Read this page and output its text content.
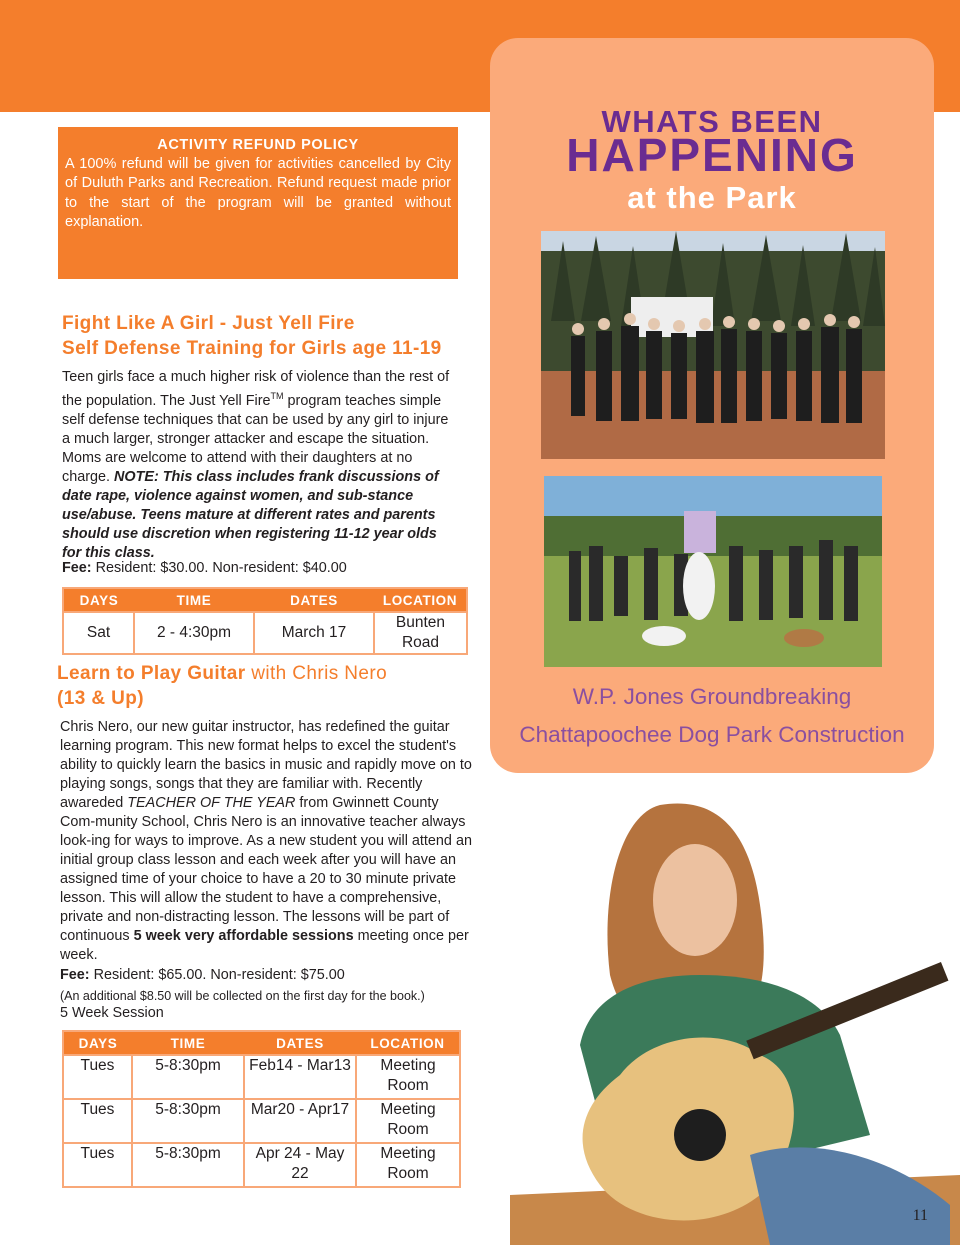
ACTIVITY REFUND POLICY
A 100% refund will be given for activities cancelled by City of Duluth Parks and Recreation. Refund request made prior to the start of the program will be granted without explanation.
Fight Like A Girl - Just Yell Fire
Self Defense Training for Girls age 11-19
Teen girls face a much higher risk of violence than the rest of the population. The Just Yell Fire™ program teaches simple self defense techniques that can be used by any girl to injure a much larger, stronger attacker and escape the situation. Moms are welcome to attend with their daughters at no charge. NOTE: This class includes frank discussions of date rape, violence against women, and sub-stance use/abuse. Teens mature at different rates and parents should use discretion when registering 11-12 year olds for this class.
Fee: Resident: $30.00. Non-resident: $40.00
DAYS	TIME	DATES	LOCATION
Sat	2 - 4:30pm	March 17	Bunten Road
Learn to Play Guitar with Chris Nero
(13 & Up)
Chris Nero, our new guitar instructor, has redefined the guitar learning program. This new format helps to excel the student's ability to quickly learn the basics in music and rapidly move on to playing songs, songs that they are familiar with. Recently awareded TEACHER OF THE YEAR from Gwinnett County Com-munity School, Chris Nero is an innovative teacher always look-ing for ways to improve. As a new student you will attend an initial group class lesson and each week after you will have an assigned time of your choice to have a 20 to 30 minute private lesson. This will allow the student to have a comprehensive, private and non-distracting lesson. The lessons will be part of continuous 5 week very affordable sessions meeting once per week.
Fee: Resident: $65.00. Non-resident: $75.00
(An additional $8.50 will be collected on the first day for the book.)
5 Week Session
DAYS	TIME	DATES	LOCATION
Tues	5-8:30pm	Feb14 - Mar13	Meeting Room
Tues	5-8:30pm	Mar20 - Apr17	Meeting Room
Tues	5-8:30pm	Apr 24 - May 22	Meeting Room
WHATS BEEN
HAPPENING
at the Park
W.P. Jones Groundbreaking
Chattapoochee Dog Park Construction
11
